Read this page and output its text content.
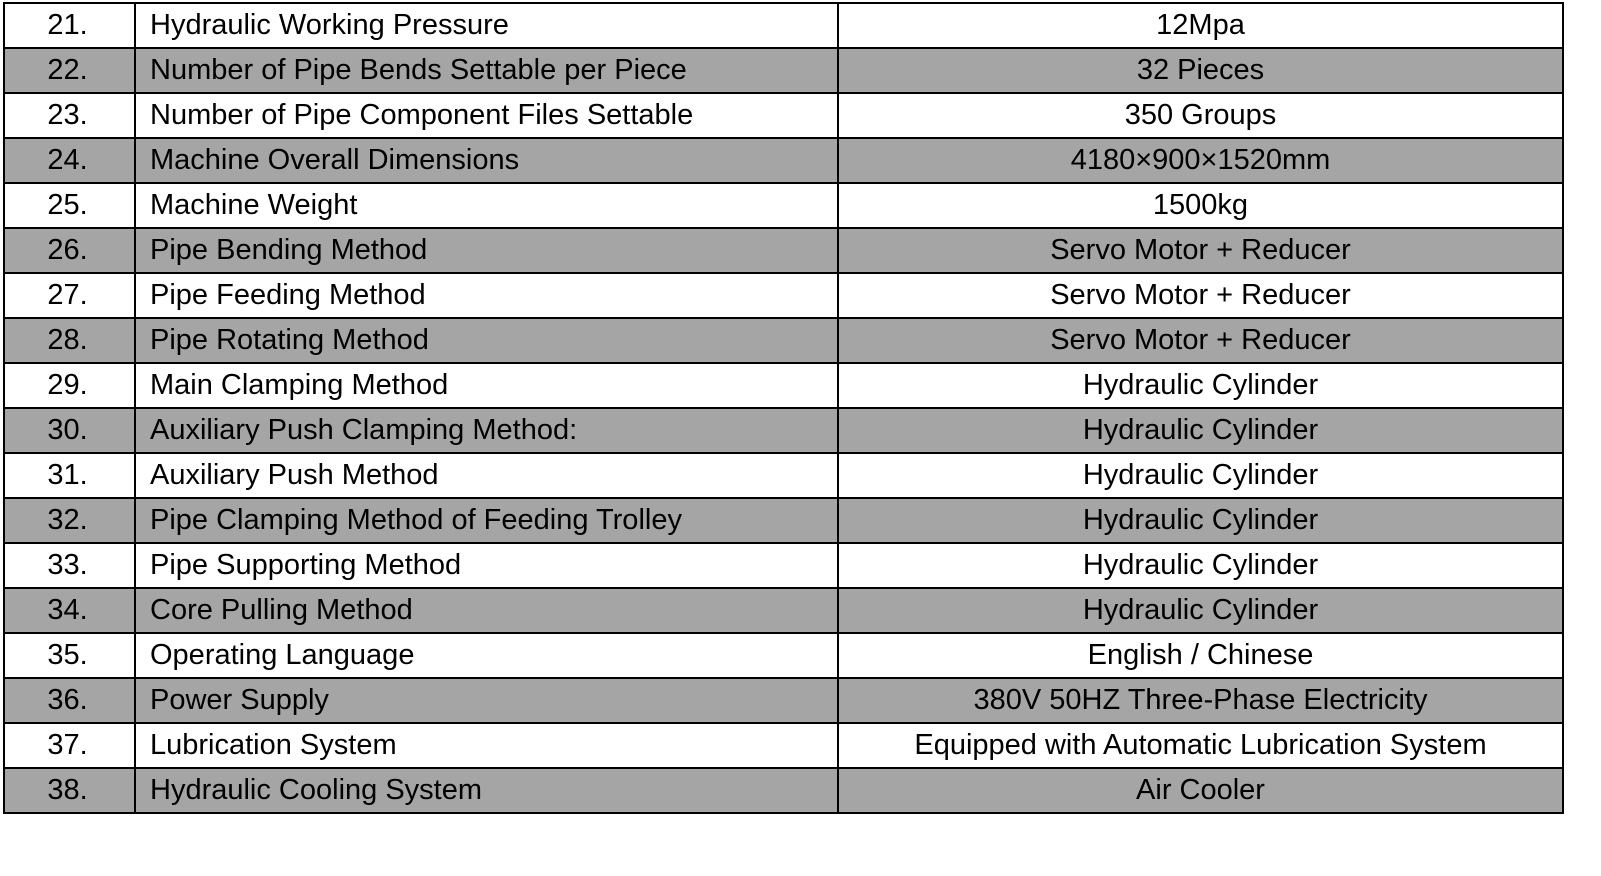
21.	Hydraulic Working Pressure	12Mpa
22.	Number of Pipe Bends Settable per Piece	32 Pieces
23.	Number of Pipe Component Files Settable	350 Groups
24.	Machine Overall Dimensions	4180×900×1520mm
25.	Machine Weight	1500kg
26.	Pipe Bending Method	Servo Motor + Reducer
27.	Pipe Feeding Method	Servo Motor + Reducer
28.	Pipe Rotating Method	Servo Motor + Reducer
29.	Main Clamping Method	Hydraulic Cylinder
30.	Auxiliary Push Clamping Method:	Hydraulic Cylinder
31.	Auxiliary Push Method	Hydraulic Cylinder
32.	Pipe Clamping Method of Feeding Trolley	Hydraulic Cylinder
33.	Pipe Supporting Method	Hydraulic Cylinder
34.	Core Pulling Method	Hydraulic Cylinder
35.	Operating Language	English / Chinese
36.	Power Supply	380V 50HZ Three-Phase Electricity
37.	Lubrication System	Equipped with Automatic Lubrication System
38.	Hydraulic Cooling System	Air Cooler
